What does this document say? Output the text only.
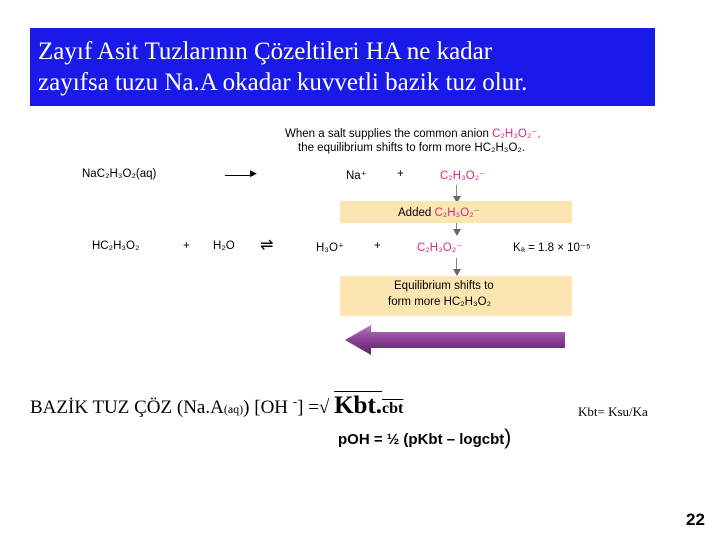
Zayıf Asit Tuzlarının Çözeltileri HA ne kadar
zayıfsa tuzu Na.A okadar kuvvetli bazik tuz olur.
When a salt supplies the common anion C₂H₃O₂⁻,
the equilibrium shifts to form more HC₂H₃O₂.
NaC₂H₃O₂(aq)	▶	Na⁺	+	C₂H₃O₂⁻
Added C₂H₃O₂⁻
HC₂H₃O₂	+ H₂O ⇌	H₃O⁺	+	C₂H₃O₂⁻	Kₐ = 1.8 × 10⁻⁵
Equilibrium shifts to
form more HC₂H₃O₂
BAZİK TUZ ÇÖZ (Na.A(aq)) [OH -] =√ Kbt.cbt	Kbt= Ksu/Ka
pOH = ½ (pKbt – logcbt)
22
